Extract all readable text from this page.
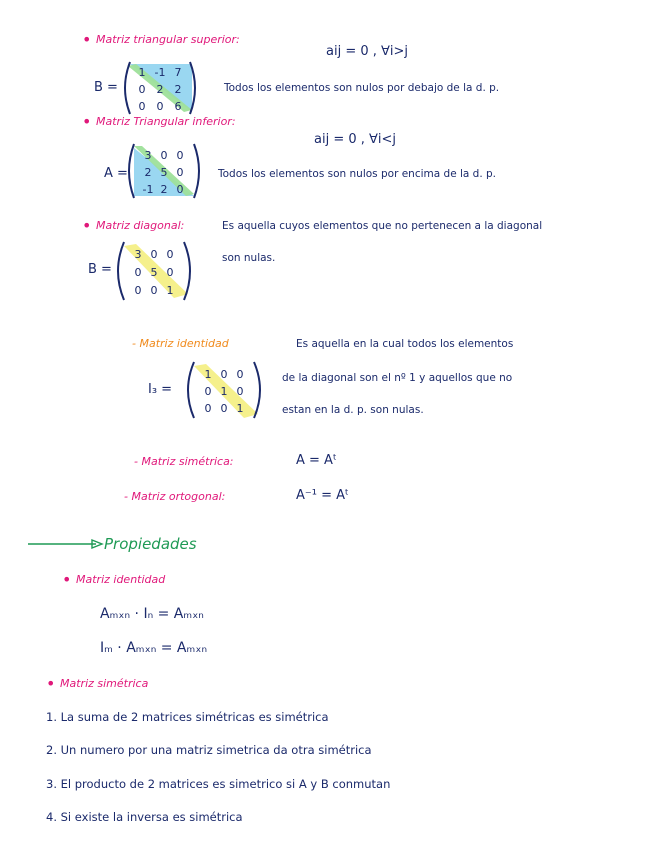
• Matriz triangular superior:
aij = 0 , ∀i>j
B =
1 -1 7
0 2 2
0 0 6
Todos los elementos son nulos por debajo de la d. p.
• Matriz Triangular inferior:
aij = 0 , ∀i<j
A =
3 0 0
2 5 0
-1 2 0
Todos los elementos son nulos por encima de la d. p.
• Matriz diagonal:	Es aquella cuyos elementos que no pertenecen a la diagonal
son nulas.
B =
3 0 0
0 5 0
0 0 1
- Matriz identidad	Es aquella en la cual todos los elementos
de la diagonal son el nº 1 y aquellos que no
estan en la d. p. son nulas.
I₃ =
1 0 0
0 1 0
0 0 1
- Matriz simétrica:	A = Aᵗ
- Matriz ortogonal:	A⁻¹ = Aᵗ
Propiedades
• Matriz identidad
Aₘₓₙ · Iₙ = Aₘₓₙ
Iₘ · Aₘₓₙ = Aₘₓₙ
• Matriz simétrica
1. La suma de 2 matrices simétricas es simétrica
2. Un numero por una matriz simetrica da otra simétrica
3. El producto de 2 matrices es simetrico si A y B conmutan
4. Si existe la inversa es simétrica
